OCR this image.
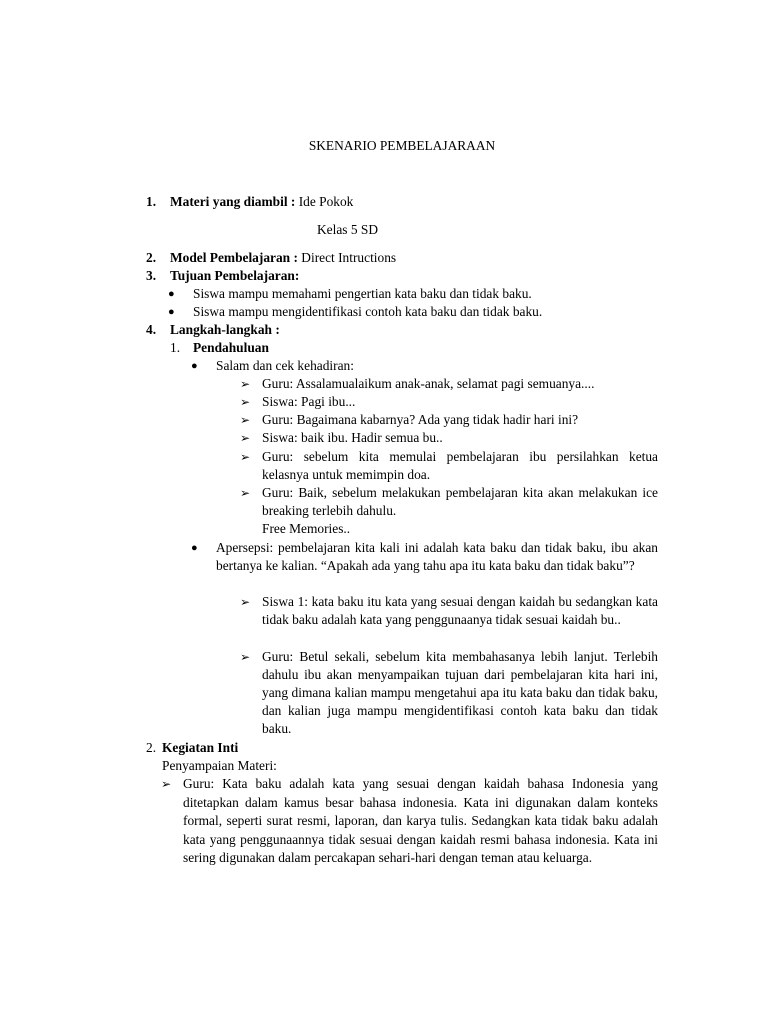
SKENARIO PEMBELAJARAAN
1. Materi yang diambil : Ide Pokok
Kelas 5 SD
2. Model Pembelajaran : Direct Intructions
3. Tujuan Pembelajaran:
● Siswa mampu memahami pengertian kata baku dan tidak baku.
● Siswa mampu mengidentifikasi contoh kata baku dan tidak baku.
4. Langkah-langkah :
1. Pendahuluan
● Salam dan cek kehadiran:
➢ Guru: Assalamualaikum anak-anak, selamat pagi semuanya....
➢ Siswa: Pagi ibu...
➢ Guru: Bagaimana kabarnya? Ada yang tidak hadir hari ini?
➢ Siswa: baik ibu. Hadir semua bu..
➢ Guru: sebelum kita memulai pembelajaran ibu persilahkan ketua kelasnya untuk memimpin doa.
➢ Guru: Baik, sebelum melakukan pembelajaran kita akan melakukan ice breaking terlebih dahulu.
Free Memories..
● Apersepsi: pembelajaran kita kali ini adalah kata baku dan tidak baku, ibu akan bertanya ke kalian. “Apakah ada yang tahu apa itu kata baku dan tidak baku”?
➢ Siswa 1: kata baku itu kata yang sesuai dengan kaidah bu sedangkan kata tidak baku adalah kata yang penggunaanya tidak sesuai kaidah bu..
➢ Guru: Betul sekali, sebelum kita membahasanya lebih lanjut. Terlebih dahulu ibu akan menyampaikan tujuan dari pembelajaran kita hari ini, yang dimana kalian mampu mengetahui apa itu kata baku dan tidak baku, dan kalian juga mampu mengidentifikasi contoh kata baku dan tidak baku.
2. Kegiatan Inti
Penyampaian Materi:
➢ Guru: Kata baku adalah kata yang sesuai dengan kaidah bahasa Indonesia yang ditetapkan dalam kamus besar bahasa indonesia. Kata ini digunakan dalam konteks formal, seperti surat resmi, laporan, dan karya tulis. Sedangkan kata tidak baku adalah kata yang penggunaannya tidak sesuai dengan kaidah resmi bahasa indonesia. Kata ini sering digunakan dalam percakapan sehari-hari dengan teman atau keluarga.
